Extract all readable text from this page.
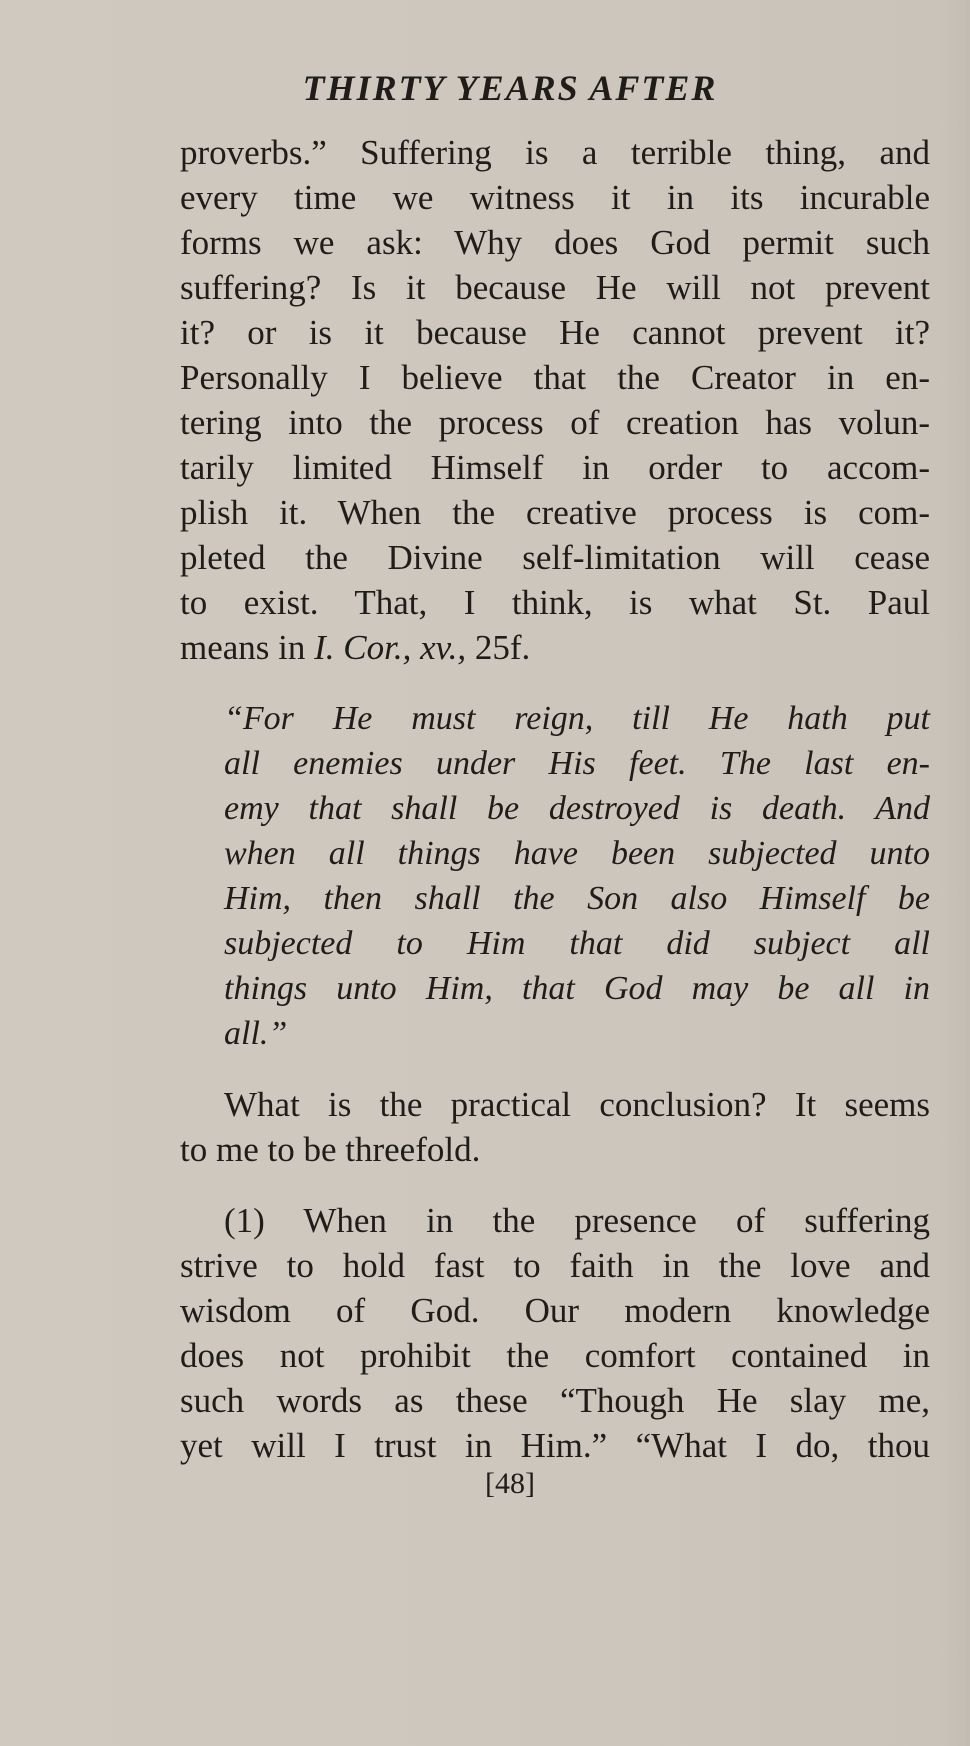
THIRTY YEARS AFTER
proverbs.” Suffering is a terrible thing, and
every time we witness it in its incurable
forms we ask: Why does God permit such
suffering? Is it because He will not prevent
it? or is it because He cannot prevent it?
Personally I believe that the Creator in en-
tering into the process of creation has volun-
tarily limited Himself in order to accom-
plish it. When the creative process is com-
pleted the Divine self-limitation will cease
to exist. That, I think, is what St. Paul
means in I. Cor., xv., 25f.
“For He must reign, till He hath put
all enemies under His feet. The last en-
emy that shall be destroyed is death. And
when all things have been subjected unto
Him, then shall the Son also Himself be
subjected to Him that did subject all
things unto Him, that God may be all in
all.”
What is the practical conclusion? It seems
to me to be threefold.
(1) When in the presence of suffering
strive to hold fast to faith in the love and
wisdom of God. Our modern knowledge
does not prohibit the comfort contained in
such words as these “Though He slay me,
yet will I trust in Him.” “What I do, thou
[48]
